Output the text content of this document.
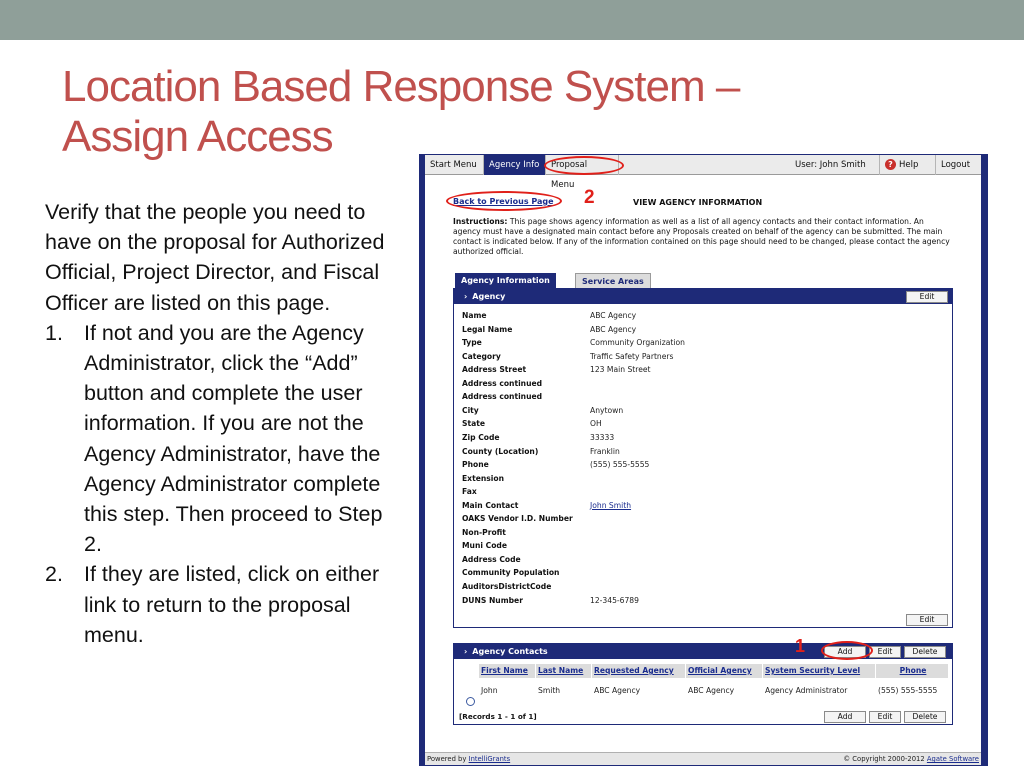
Location Based Response System –
Assign Access
Verify that the people you need to have on the proposal for Authorized Official, Project Director, and Fiscal Officer are listed on this page.
1. If not and you are the Agency Administrator, click the “Add” button and complete the user information. If you are not the Agency Administrator, have the Agency Administrator complete this step. Then proceed to Step 2.
2. If they are listed, click on either link to return to the proposal menu.
Start Menu	Agency Info	Proposal Menu
User: John Smith	? Help	Logout
Back to Previous Page 2	VIEW AGENCY INFORMATION
Instructions: This page shows agency information as well as a list of all agency contacts and their contact information. An agency must have a designated main contact before any Proposals created on behalf of the agency can be submitted. The main contact is indicated below. If any of the information contained on this page should need to be changed, please contact the agency authorized official.
Agency Information	Service Areas
› Agency	Edit
Name	ABC Agency
Legal Name	ABC Agency
Type	Community Organization
Category	Traffic Safety Partners
Address Street	123 Main Street
Address continued
Address continued
City	Anytown
State	OH
Zip Code	33333
County (Location)	Franklin
Phone	(555) 555-5555
Extension
Fax
Main Contact	John Smith
OAKS Vendor I.D. Number
Non-Profit
Muni Code
Address Code
Community Population
AuditorsDistrictCode
DUNS Number	12-345-6789
Edit
› Agency Contacts	Add	Edit	Delete
First Name	Last Name	Requested Agency	Official Agency	System Security Level	Phone
John	Smith	ABC Agency	ABC Agency	Agency Administrator	(555) 555-5555
[Records 1 - 1 of 1]	Add	Edit	Delete
1
Powered by IntelliGrants	© Copyright 2000-2012 Agate Software
